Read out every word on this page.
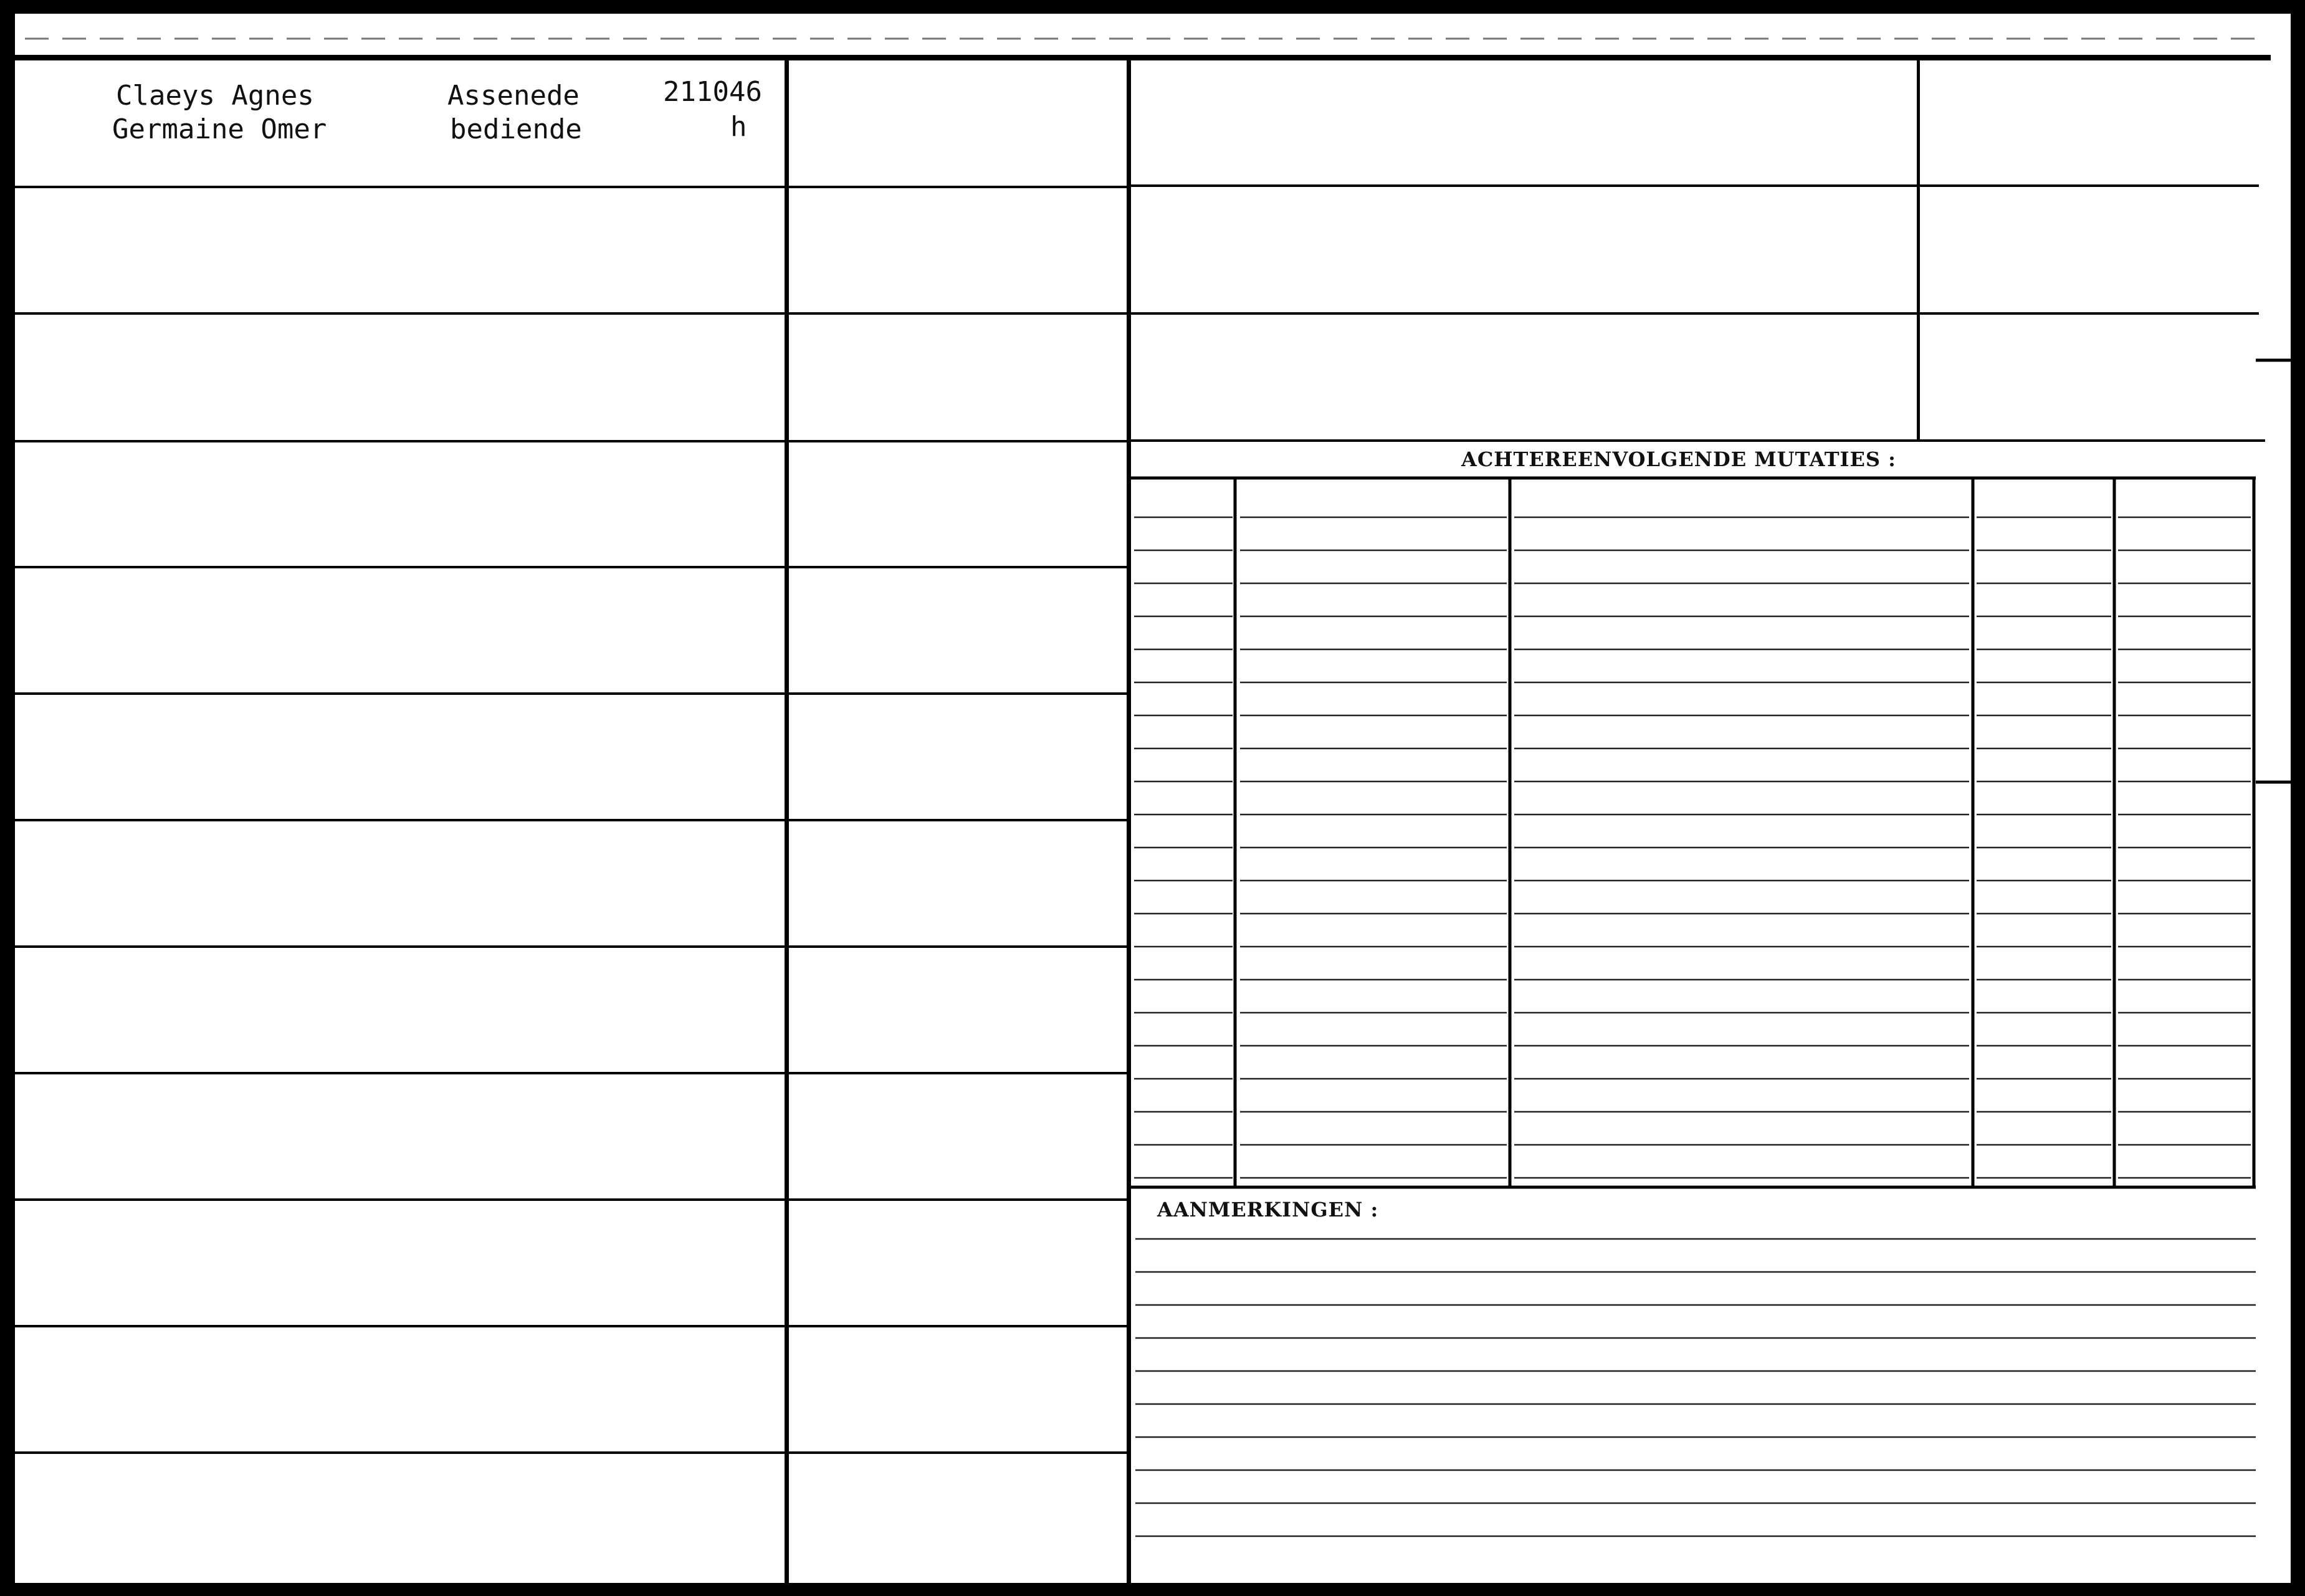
Claeys Agnes
Germaine Omer
Assenede
bediende
211046
h
ACHTEREENVOLGENDE MUTATIES :
AANMERKINGEN :
